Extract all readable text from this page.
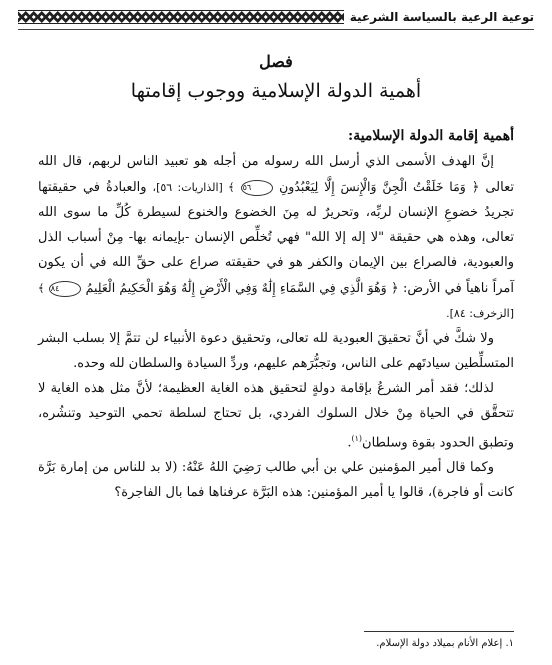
توعية الرعية بالسياسة الشرعية
فصل
أهمية الدولة الإسلامية ووجوب إقامتها

أهمية إقامة الدولة الإسلامية:

إنَّ الهدف الأسمى الذي أرسل الله رسوله من أجله هو تعبيد الناس لربهم، قال الله تعالى ﴿ وَمَا خَلَقْتُ الْجِنَّ وَالْإِنسَ إِلَّا لِيَعْبُدُونِ ٥٦ ﴾ [الذاريات: ٥٦]، والعبادةُ في حقيقتها تجريدُ خضوعِ الإنسان لربِّه، وتحريرٌ له مِنَ الخضوع والخنوع لسيطرة كُلِّ ما سوى الله تعالى، وهذه هي حقيقة "لا إله إلا الله" فهي تُخلِّص الإنسان -بإيمانه بها- مِنْ أسباب الذل والعبودية، فالصراع بين الإيمان والكفر هو في حقيقته صراع على حقِّ الله في أن يكون آمراً ناهياً في الأرض: ﴿ وَهُوَ الَّذِي فِي السَّمَاءِ إِلَٰهٌ وَفِي الْأَرْضِ إِلَٰهٌ وَهُوَ الْحَكِيمُ الْعَلِيمُ ٨٤ ﴾ [الزخرف: ٨٤].

ولا شكَّ في أنَّ تحقيقَ العبودية لله تعالى، وتحقيق دعوة الأنبياء لن تتمَّ إلا بسلب البشر المتسلِّطين سيادتَهم على الناس، وتجبُّرَهم عليهم، وردِّ السيادة والسلطان لله وحده.

لذلك؛ فقد أمر الشرعُ بإقامة دولةٍ لتحقيق هذه الغاية العظيمة؛ لأنَّ مثل هذه الغاية لا تتحقَّق في الحياة مِنْ خلال السلوك الفردي، بل تحتاج لسلطة تحمي التوحيد وتنشُره، وتطبق الحدود بقوة وسلطان$^{(١)}$.

وكما قال أمير المؤمنين علي بن أبي طالب رَضِيَ اللهُ عَنْهُ: (لا بد للناس من إمارة بَرَّة كانت أو فاجرة)، قالوا يا أمير المؤمنين: هذه البَرَّة عرفناها فما بال الفاجرة؟

١. إعلام الأنام بميلاد دولة الإسلام.
